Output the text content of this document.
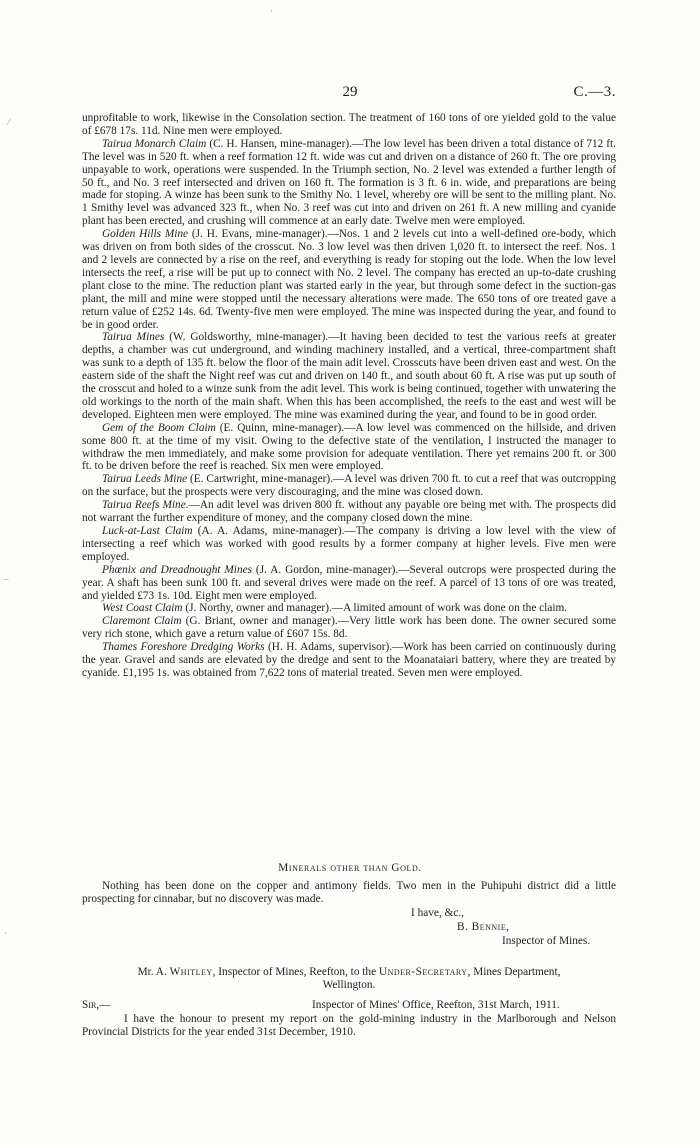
29	C.—3.
·
⁄
–
·

unprofitable to work, likewise in the Consolation section. The treatment of 160 tons of ore yielded gold to the value of £678 17s. 11d. Nine men were employed.

Tairua Monarch Claim (C. H. Hansen, mine-manager).—The low level has been driven a total distance of 712 ft. The level was in 520 ft. when a reef formation 12 ft. wide was cut and driven on a distance of 260 ft. The ore proving unpayable to work, operations were suspended. In the Triumph section, No. 2 level was extended a further length of 50 ft., and No. 3 reef intersected and driven on 160 ft. The formation is 3 ft. 6 in. wide, and preparations are being made for stoping. A winze has been sunk to the Smithy No. 1 level, whereby ore will be sent to the milling plant. No. 1 Smithy level was advanced 323 ft., when No. 3 reef was cut into and driven on 261 ft. A new milling and cyanide plant has been erected, and crushing will commence at an early date. Twelve men were employed.

Golden Hills Mine (J. H. Evans, mine-manager).—Nos. 1 and 2 levels cut into a well-defined ore-body, which was driven on from both sides of the crosscut. No. 3 low level was then driven 1,020 ft. to intersect the reef. Nos. 1 and 2 levels are connected by a rise on the reef, and everything is ready for stoping out the lode. When the low level intersects the reef, a rise will be put up to connect with No. 2 level. The company has erected an up-to-date crushing plant close to the mine. The reduction plant was started early in the year, but through some defect in the suction-gas plant, the mill and mine were stopped until the necessary alterations were made. The 650 tons of ore treated gave a return value of £252 14s. 6d. Twenty-five men were employed. The mine was inspected during the year, and found to be in good order.

Tairua Mines (W. Goldsworthy, mine-manager).—It having been decided to test the various reefs at greater depths, a chamber was cut underground, and winding machinery installed, and a vertical, three-compartment shaft was sunk to a depth of 135 ft. below the floor of the main adit level. Crosscuts have been driven east and west. On the eastern side of the shaft the Night reef was cut and driven on 140 ft., and south about 60 ft. A rise was put up south of the crosscut and holed to a winze sunk from the adit level. This work is being continued, together with unwatering the old workings to the north of the main shaft. When this has been accomplished, the reefs to the east and west will be developed. Eighteen men were employed. The mine was examined during the year, and found to be in good order.

Gem of the Boom Claim (E. Quinn, mine-manager).—A low level was commenced on the hillside, and driven some 800 ft. at the time of my visit. Owing to the defective state of the ventilation, I instructed the manager to withdraw the men immediately, and make some provision for adequate ventilation. There yet remains 200 ft. or 300 ft. to be driven before the reef is reached. Six men were employed.

Tairua Leeds Mine (E. Cartwright, mine-manager).—A level was driven 700 ft. to cut a reef that was outcropping on the surface, but the prospects were very discouraging, and the mine was closed down.

Tairua Reefs Mine.—An adit level was driven 800 ft. without any payable ore being met with. The prospects did not warrant the further expenditure of money, and the company closed down the mine.

Luck-at-Last Claim (A. A. Adams, mine-manager).—The company is driving a low level with the view of intersecting a reef which was worked with good results by a former company at higher levels. Five men were employed.

Phœnix and Dreadnought Mines (J. A. Gordon, mine-manager).—Several outcrops were prospected during the year. A shaft has been sunk 100 ft. and several drives were made on the reef. A parcel of 13 tons of ore was treated, and yielded £73 1s. 10d. Eight men were employed.

West Coast Claim (J. Northy, owner and manager).—A limited amount of work was done on the claim.

Claremont Claim (G. Briant, owner and manager).—Very little work has been done. The owner secured some very rich stone, which gave a return value of £607 15s. 8d.

Thames Foreshore Dredging Works (H. H. Adams, supervisor).—Work has been carried on continuously during the year. Gravel and sands are elevated by the dredge and sent to the Moanataiari battery, where they are treated by cyanide. £1,195 1s. was obtained from 7,622 tons of material treated. Seven men were employed.

Minerals other than Gold.

Nothing has been done on the copper and antimony fields. Two men in the Puhipuhi district did a little prospecting for cinnabar, but no discovery was made.

I have, &c.,
B. Bennie,
Inspector of Mines.
Mr. A. Whitley, Inspector of Mines, Reefton, to the Under-Secretary, Mines Department,
Wellington.
Sir,—	Inspector of Mines' Office, Reefton, 31st March, 1911.

I have the honour to present my report on the gold-mining industry in the Marlborough and Nelson Provincial Districts for the year ended 31st December, 1910.
